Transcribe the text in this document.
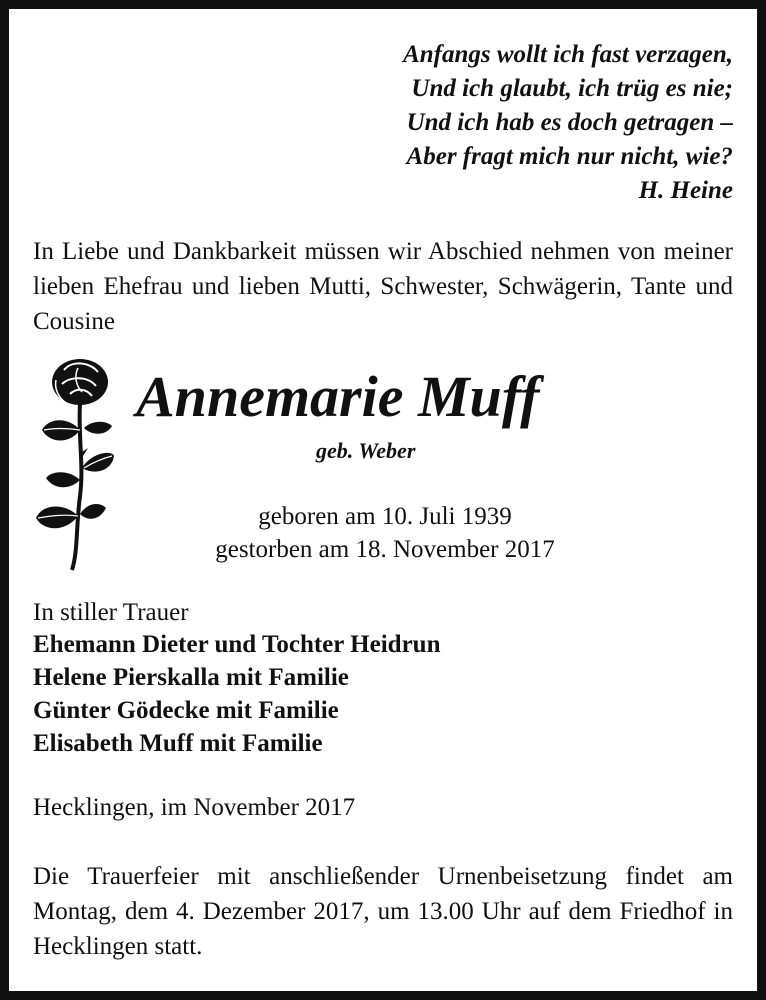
Anfangs wollt ich fast verzagen,
Und ich glaubt, ich trüg es nie;
Und ich hab es doch getragen –
Aber fragt mich nur nicht, wie?
H. Heine
In Liebe und Dankbarkeit müssen wir Abschied nehmen von meiner lieben Ehefrau und lieben Mutti, Schwester, Schwägerin, Tante und Cousine
Annemarie Muff
geb. Weber
geboren am 10. Juli 1939
gestorben am 18. November 2017
In stiller Trauer
Ehemann Dieter und Tochter Heidrun
Helene Pierskalla mit Familie
Günter Gödecke mit Familie
Elisabeth Muff mit Familie
Hecklingen, im November 2017
Die Trauerfeier mit anschließender Urnenbeisetzung findet am Montag, dem 4. Dezember 2017, um 13.00 Uhr auf dem Friedhof in Hecklingen statt.
